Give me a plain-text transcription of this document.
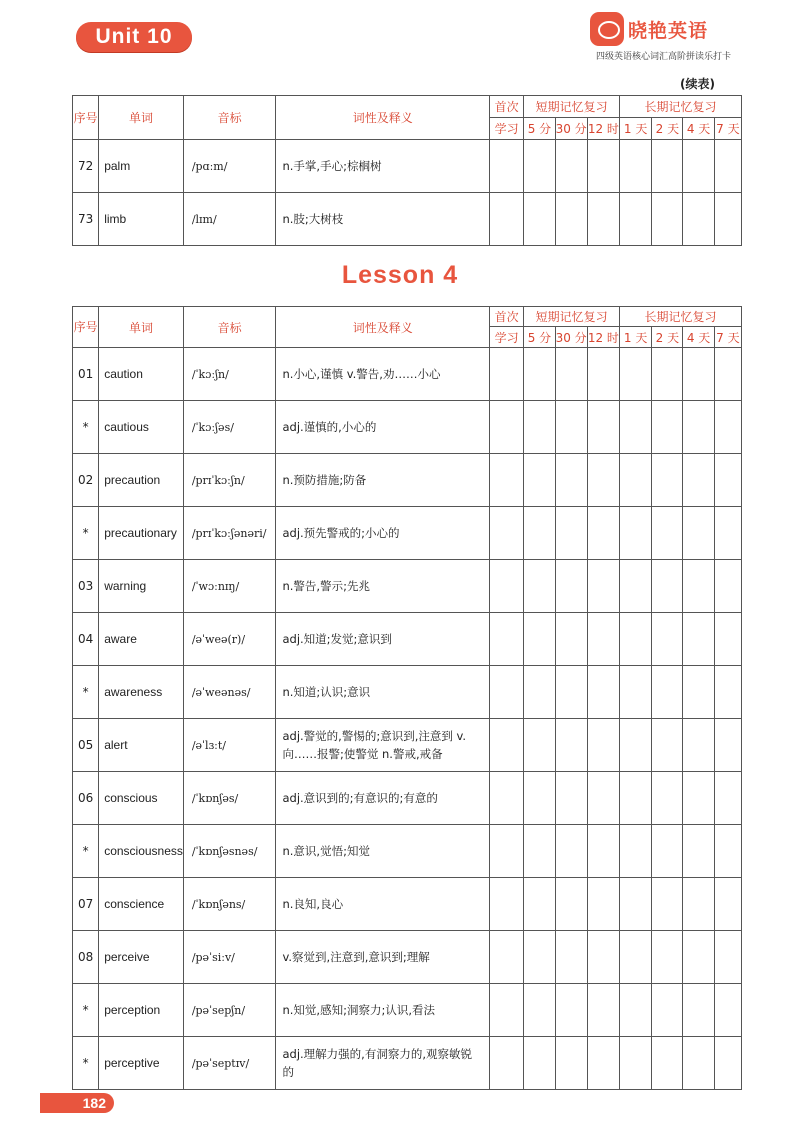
Unit 10	晓艳英语
四级英语核心词汇高阶拼读乐打卡
(续表)
序号	单词	音标	词性及释义	首次	短期记忆复习			长期记忆复习			
				学习	5 分	30 分	12 时	1 天	2 天	4 天	7 天
72	palm	/pɑːm/	n.手掌,手心;棕榈树								
73	limb	/lɪm/	n.肢;大树枝								
Lesson 4
序号	单词	音标	词性及释义	首次	短期记忆复习			长期记忆复习			
				学习	5 分	30 分	12 时	1 天	2 天	4 天	7 天
01	caution	/ˈkɔːʃn/	n.小心,谨慎 v.警告,劝……小心								
*	cautious	/ˈkɔːʃəs/	adj.谨慎的,小心的								
02	precaution	/prɪˈkɔːʃn/	n.预防措施;防备								
*	precautionary	/prɪˈkɔːʃənəri/	adj.预先警戒的;小心的								
03	warning	/ˈwɔːnɪŋ/	n.警告,警示;先兆								
04	aware	/əˈweə(r)/	adj.知道;发觉;意识到								
*	awareness	/əˈweənəs/	n.知道;认识;意识								
05	alert	/əˈlɜːt/	adj.警觉的,警惕的;意识到,注意到 v.向……报警;使警觉 n.警戒,戒备								
06	conscious	/ˈkɒnʃəs/	adj.意识到的;有意识的;有意的								
*	consciousness	/ˈkɒnʃəsnəs/	n.意识,觉悟;知觉								
07	conscience	/ˈkɒnʃəns/	n.良知,良心								
08	perceive	/pəˈsiːv/	v.察觉到,注意到,意识到;理解								
*	perception	/pəˈsepʃn/	n.知觉,感知;洞察力;认识,看法								
*	perceptive	/pəˈseptɪv/	adj.理解力强的,有洞察力的,观察敏锐的								
182
